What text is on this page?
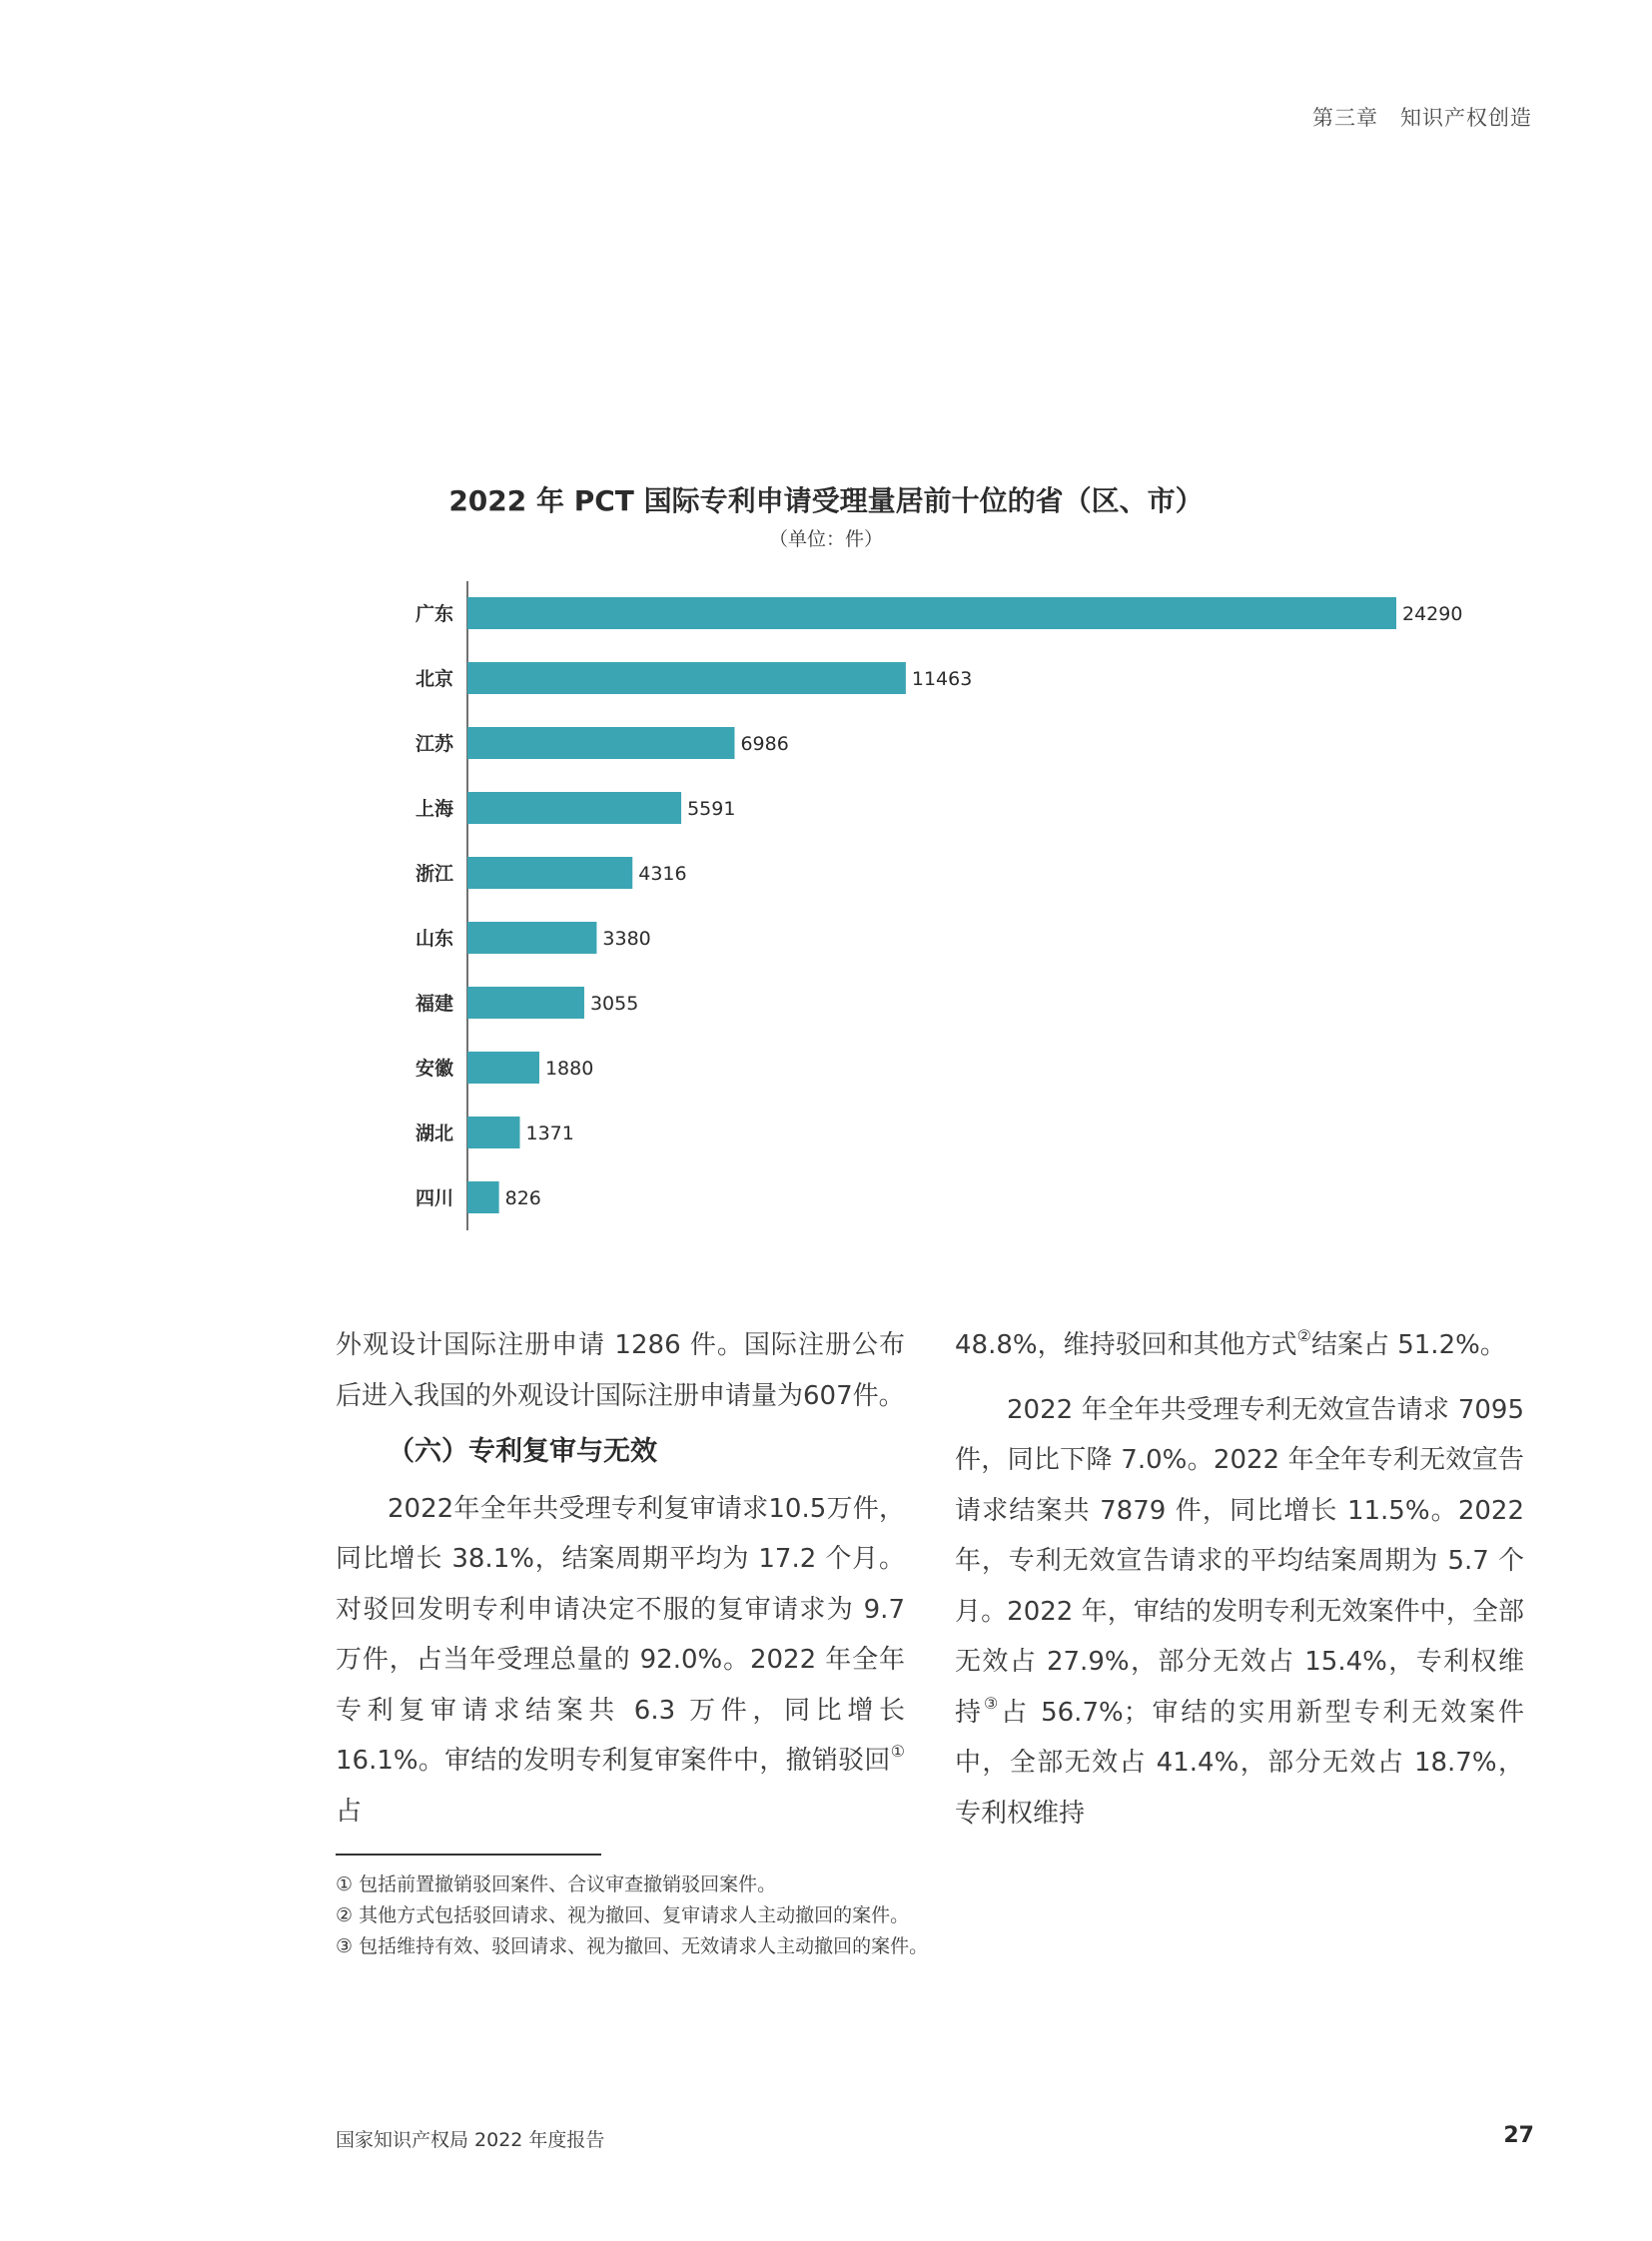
第三章　知识产权创造
2022 年 PCT 国际专利申请受理量居前十位的省（区、市）
（单位：件）
广东	24290
北京	11463
江苏	6986
上海	5591
浙江	4316
山东	3380
福建	3055
安徽	1880
湖北	1371
四川	826

外观设计国际注册申请 1286 件。国际注册公布后进入我国的外观设计国际注册申请量为607件。

（六）专利复审与无效

2022年全年共受理专利复审请求10.5万件，同比增长 38.1%，结案周期平均为 17.2 个月。对驳回发明专利申请决定不服的复审请求为 9.7 万件，占当年受理总量的 92.0%。2022 年全年专利复审请求结案共 6.3 万件，同比增长 16.1%。审结的发明专利复审案件中，撤销驳回①占

48.8%，维持驳回和其他方式②结案占 51.2%。

2022 年全年共受理专利无效宣告请求 7095 件，同比下降 7.0%。2022 年全年专利无效宣告请求结案共 7879 件，同比增长 11.5%。2022 年，专利无效宣告请求的平均结案周期为 5.7 个月。2022 年，审结的发明专利无效案件中，全部无效占 27.9%，部分无效占 15.4%，专利权维持③占 56.7%；审结的实用新型专利无效案件中，全部无效占 41.4%，部分无效占 18.7%，专利权维持

① 包括前置撤销驳回案件、合议审查撤销驳回案件。
② 其他方式包括驳回请求、视为撤回、复审请求人主动撤回的案件。
③ 包括维持有效、驳回请求、视为撤回、无效请求人主动撤回的案件。
国家知识产权局 2022 年度报告	27
